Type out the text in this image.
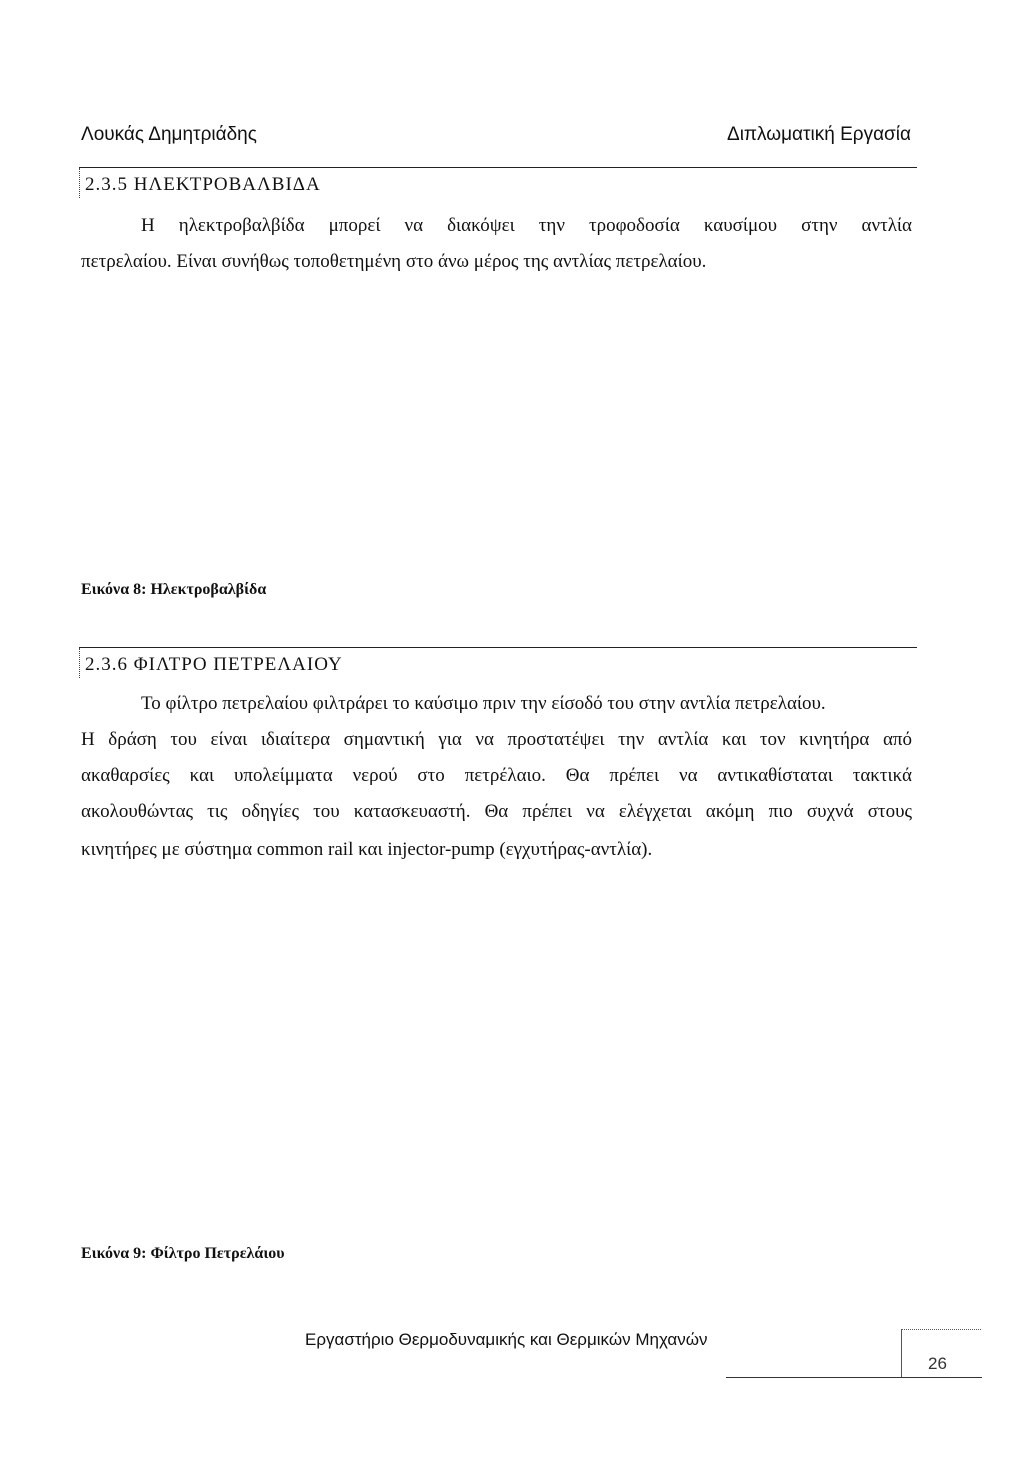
Λουκάς Δημητριάδης	Διπλωματική Εργασία
2.3.5 ΗΛΕΚΤΡΟΒΑΛΒΙΔΑ
Η ηλεκτροβαλβίδα μπορεί να διακόψει την τροφοδοσία καυσίμου στην αντλία
πετρελαίου. Είναι συνήθως τοποθετημένη στο άνω μέρος της αντλίας πετρελαίου.
Εικόνα 8: Ηλεκτροβαλβίδα
2.3.6 ΦΙΛΤΡΟ ΠΕΤΡΕΛΑΙΟΥ
Το φίλτρο πετρελαίου φιλτράρει το καύσιμο πριν την είσοδό του στην αντλία πετρελαίου.
Η δράση του είναι ιδιαίτερα σημαντική για να προστατέψει την αντλία και τον κινητήρα από
ακαθαρσίες και υπολείμματα νερού στο πετρέλαιο. Θα πρέπει να αντικαθίσταται τακτικά
ακολουθώντας τις οδηγίες του κατασκευαστή. Θα πρέπει να ελέγχεται ακόμη πιο συχνά στους
κινητήρες με σύστημα common rail και injector-pump (εγχυτήρας-αντλία).
Εικόνα 9: Φίλτρο Πετρελάιου
Εργαστήριο Θερμοδυναμικής και Θερμικών Μηχανών
26
